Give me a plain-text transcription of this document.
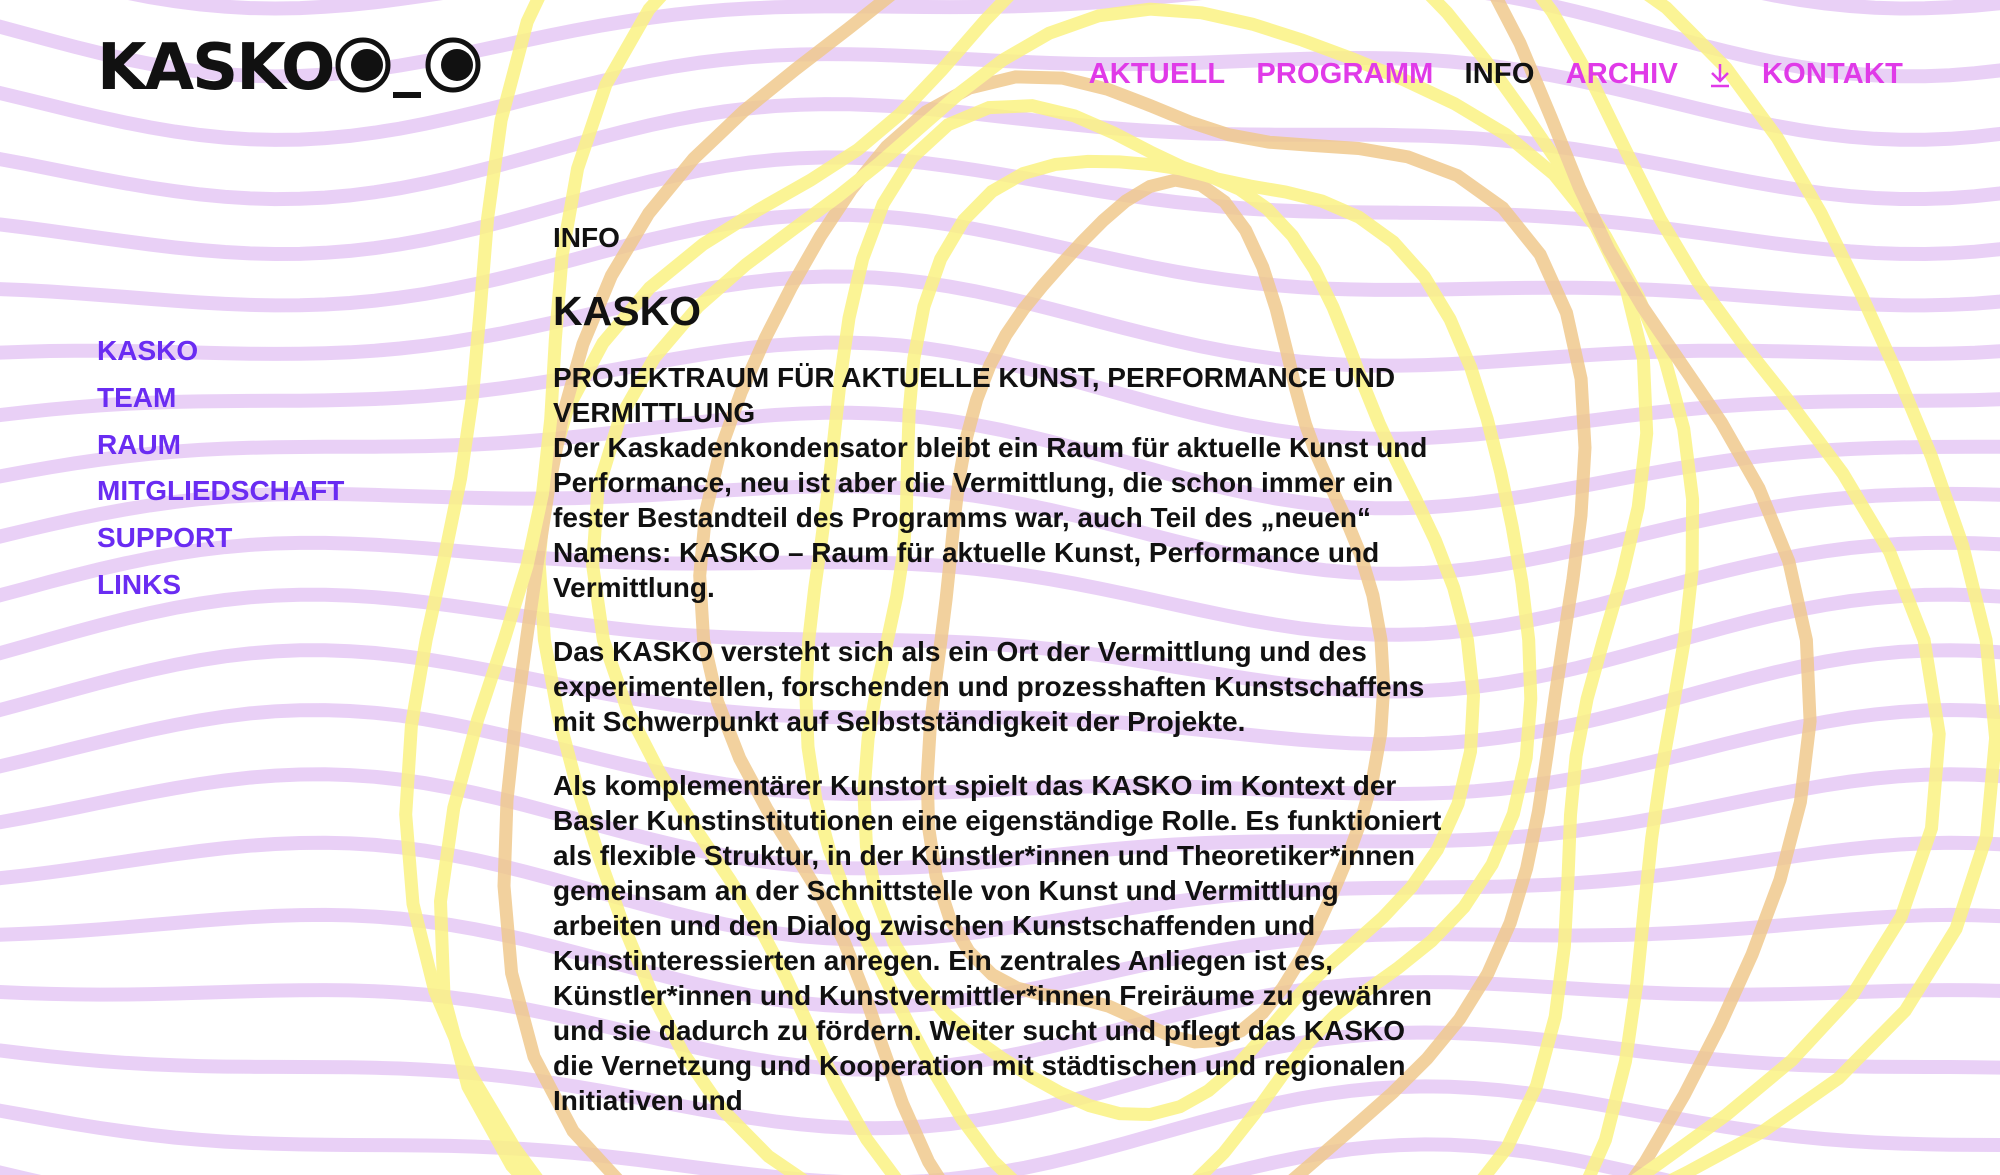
KASKO	AKTUELL PROGRAMM INFO ARCHIV	KONTAKT
KASKO
TEAM
RAUM
MITGLIEDSCHAFT
SUPPORT
LINKS

INFO

KASKO
PROJEKTRAUM FÜR AKTUELLE KUNST, PERFORMANCE UND VERMITTLUNG

Der Kaskadenkondensator bleibt ein Raum für aktuelle Kunst und Performance, neu ist aber die Vermittlung, die schon immer ein fester Bestandteil des Programms war, auch Teil des „neuen“ Namens: KASKO – Raum für aktuelle Kunst, Performance und Vermittlung.

Das KASKO versteht sich als ein Ort der Vermittlung und des experimentellen, forschenden und prozesshaften Kunstschaffens mit Schwerpunkt auf Selbstständigkeit der Projekte.

Als komplementärer Kunstort spielt das KASKO im Kontext der Basler Kunstinstitutionen eine eigenständige Rolle. Es funktioniert als flexible Struktur, in der Künstler*innen und Theoretiker*innen gemeinsam an der Schnittstelle von Kunst und Vermittlung arbeiten und den Dialog zwischen Kunstschaffenden und Kunstinteressierten anregen. Ein zentrales Anliegen ist es, Künstler*innen und Kunstvermittler*innen Freiräume zu gewähren und sie dadurch zu fördern. Weiter sucht und pflegt das KASKO die Vernetzung und Kooperation mit städtischen und regionalen Initiativen und
